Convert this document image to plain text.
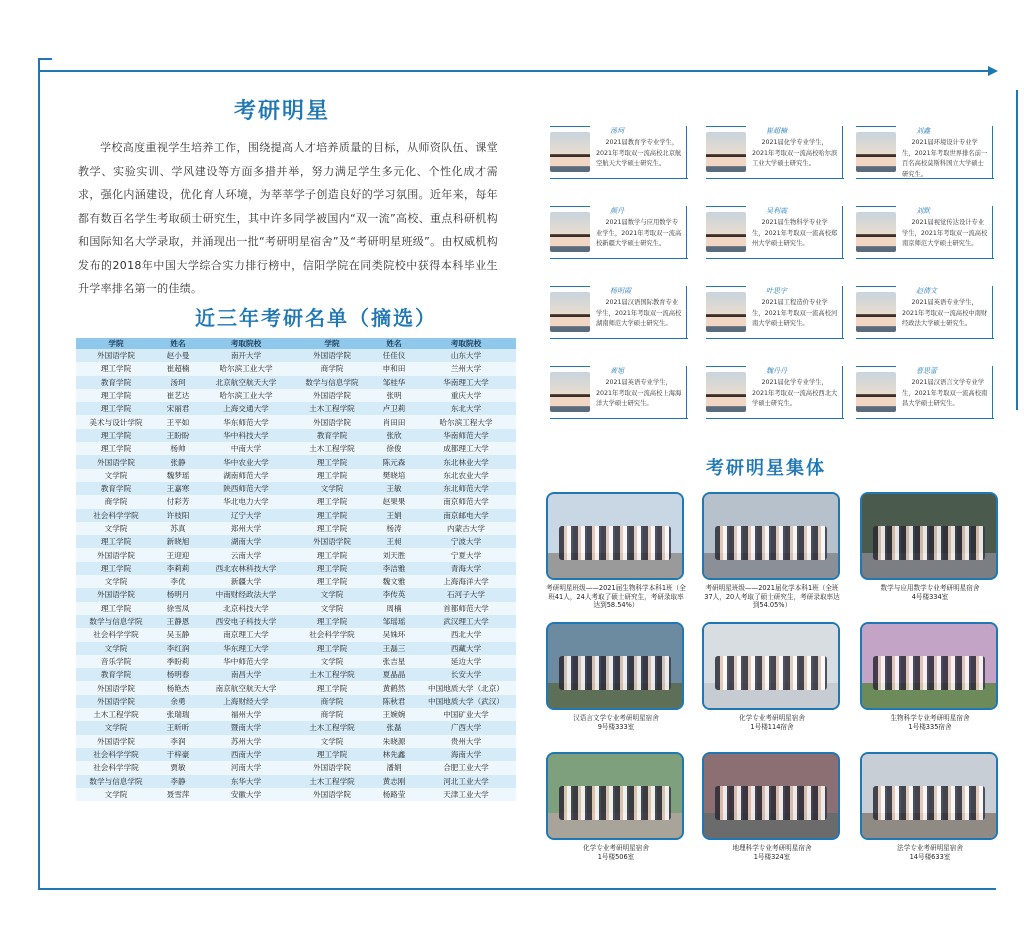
考研明星

学校高度重视学生培养工作，围绕提高人才培养质量的目标，从师资队伍、课堂教学、实验实训、学风建设等方面多措并举，努力满足学生多元化、个性化成才需求，强化内涵建设，优化育人环境，为莘莘学子创造良好的学习氛围。近年来，每年都有数百名学生考取硕士研究生，其中许多同学被国内“双一流”高校、重点科研机构和国际知名大学录取，并涌现出一批“考研明星宿舍”及“考研明星班级”。由权威机构发布的2018年中国大学综合实力排行榜中，信阳学院在同类院校中获得本科毕业生升学率排名第一的佳绩。

近三年考研名单（摘选）
学院	姓名	考取院校	学院	姓名	考取院校
外国语学院	赵小曼	南开大学	外国语学院	任佳仪	山东大学
理工学院	崔超楠	哈尔滨工业大学	商学院	申和田	兰州大学
教育学院	汤珂	北京航空航天大学	数学与信息学院	邹桂华	华南理工大学
理工学院	崔艺达	哈尔滨工业大学	外国语学院	张明	重庆大学
理工学院	宋丽君	上海交通大学	土木工程学院	卢卫莉	东北大学
美术与设计学院	王平如	华东师范大学	外国语学院	肖田田	哈尔滨工程大学
理工学院	王盼盼	华中科技大学	教育学院	张欣	华南师范大学
理工学院	杨帅	中南大学	土木工程学院	徐俊	成都理工大学
外国语学院	张静	华中农业大学	理工学院	陈元森	东北林业大学
文学院	魏梦瑶	湖南师范大学	理工学院	樊晓培	东北农业大学
教育学院	王嘉寒	陕西师范大学	文学院	王敏	东北师范大学
商学院	付彩芳	华北电力大学	理工学院	赵果果	南京师范大学
社会科学学院	许枝阳	辽宁大学	理工学院	王娟	南京邮电大学
文学院	苏真	郑州大学	理工学院	杨涛	内蒙古大学
理工学院	新晓旭	湖南大学	外国语学院	王昶	宁波大学
外国语学院	王迎迎	云南大学	理工学院	刘天胜	宁夏大学
理工学院	李莉莉	西北农林科技大学	理工学院	李洁雅	青海大学
文学院	李优	新疆大学	理工学院	魏文雅	上海海洋大学
外国语学院	杨明月	中南财经政法大学	文学院	李传英	石河子大学
理工学院	徐雪凤	北京科技大学	文学院	周楠	首都师范大学
数学与信息学院	王静恩	西安电子科技大学	理工学院	邹瑶瑶	武汉理工大学
社会科学学院	吴玉静	南京理工大学	社会科学学院	吴姝环	西北大学
文学院	李红润	华东理工大学	理工学院	王磊三	西藏大学
音乐学院	季盼莉	华中师范大学	文学院	张吉星	延边大学
教育学院	杨明春	南昌大学	土木工程学院	夏晶晶	长安大学
外国语学院	杨艳杰	南京航空航天大学	理工学院	黄鹤然	中国地质大学（北京）
外国语学院	余勇	上海财经大学	商学院	陈秋君	中国地质大学（武汉）
土木工程学院	张瑞瑞	福州大学	商学院	王婉婉	中国矿业大学
文学院	王昕昕	暨南大学	土木工程学院	张磊	广西大学
外国语学院	李润	苏州大学	文学院	朱晓源	贵州大学
社会科学学院	于梓豪	西南大学	理工学院	林先鑫	海南大学
社会科学学院	贾敏	河南大学	外国语学院	潘娟	合肥工业大学
数学与信息学院	李静	东华大学	土木工程学院	黄志刚	河北工业大学
文学院	聂雪萍	安徽大学	外国语学院	杨路莹	天津工业大学
汤珂
2021届教育学专业学生，2021年考取双一流高校北京航空航天大学硕士研究生。
崔超楠
2021届化学专业学生，2021年考取双一流高校哈尔滨工业大学硕士研究生。
刘鑫
2021届环境设计专业学生，2021年考取世界排名前一百名高校莫斯科国立大学硕士研究生。
颜丹
2021届数学与应用数学专业学生，2021年考取双一流高校新疆大学硕士研究生。
吴利震
2021届生物科学专业学生，2021年考取双一流高校郑州大学硕士研究生。
刘默
2021届视觉传达设计专业学生，2021年考取双一流高校南京师范大学硕士研究生。
杨明霞
2021届汉语国际教育专业学生，2021年考取双一流高校湖南师范大学硕士研究生。
叶思宇
2021届工程造价专业学生，2021年考取双一流高校河南大学硕士研究生。
赵倩文
2021届英语专业学生，2021年考取双一流高校中南财经政法大学硕士研究生。
黄旭
2021届英语专业学生，2021年考取双一流高校上海海洋大学硕士研究生。
魏丹丹
2021届化学专业学生，2021年考取双一流高校西北大学硕士研究生。
曹思蕾
2021届汉语言文学专业学生，2021年考取双一流高校南昌大学硕士研究生。
考研明星集体
考研明星班级——2021届生物科学本科1班（全班41人，24人考取了硕士研究生，考研录取率达到58.54%）
考研明星班级——2021届化学本科1班（全班37人，20人考取了硕士研究生，考研录取率达到54.05%）
数学与应用数学专业考研明星宿舍
4号楼334室
汉语言文学专业考研明星宿舍
9号楼333室
化学专业考研明星宿舍
1号楼114宿舍
生物科学专业考研明星宿舍
1号楼335宿舍
化学专业考研明星宿舍
1号楼506室
地理科学专业考研明星宿舍
1号楼324室
法学专业考研明星宿舍
14号楼633室
